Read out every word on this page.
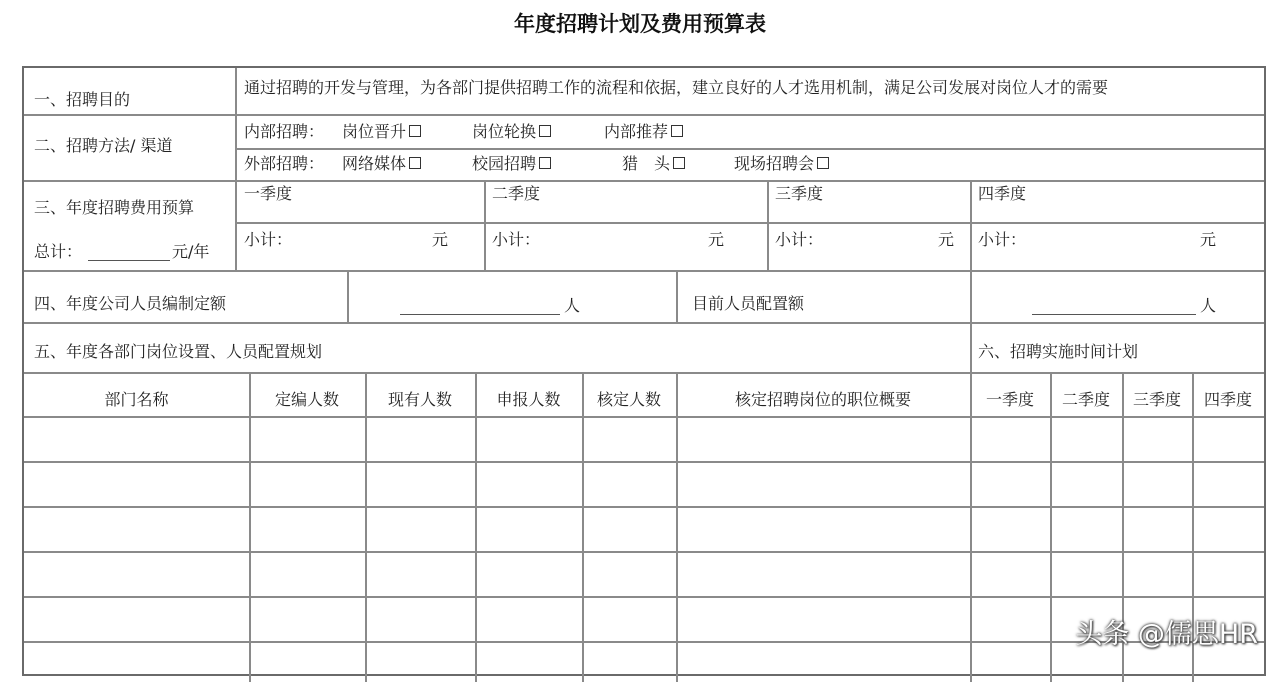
年度招聘计划及费用预算表
一、招聘目的
通过招聘的开发与管理，为各部门提供招聘工作的流程和依据，建立良好的人才选用机制，满足公司发展对岗位人才的需要
二、招聘方法/ 渠道
内部招聘： 岗位晋升	岗位轮换	内部推荐
外部招聘： 网络媒体	校园招聘	猎　头	现场招聘会
三、年度招聘费用预算
总计：	元/年
一季度	二季度	三季度	四季度
小计：	元	小计：	元	小计：	元 小计：	元
四、年度公司人员编制定额	人	目前人员配置额	人
五、年度各部门岗位设置、人员配置规划	六、招聘实施时间计划
部门名称	定编人数	现有人数	申报人数	核定人数	核定招聘岗位的职位概要	一季度	二季度	三季度	四季度
头条 @儒思HR
